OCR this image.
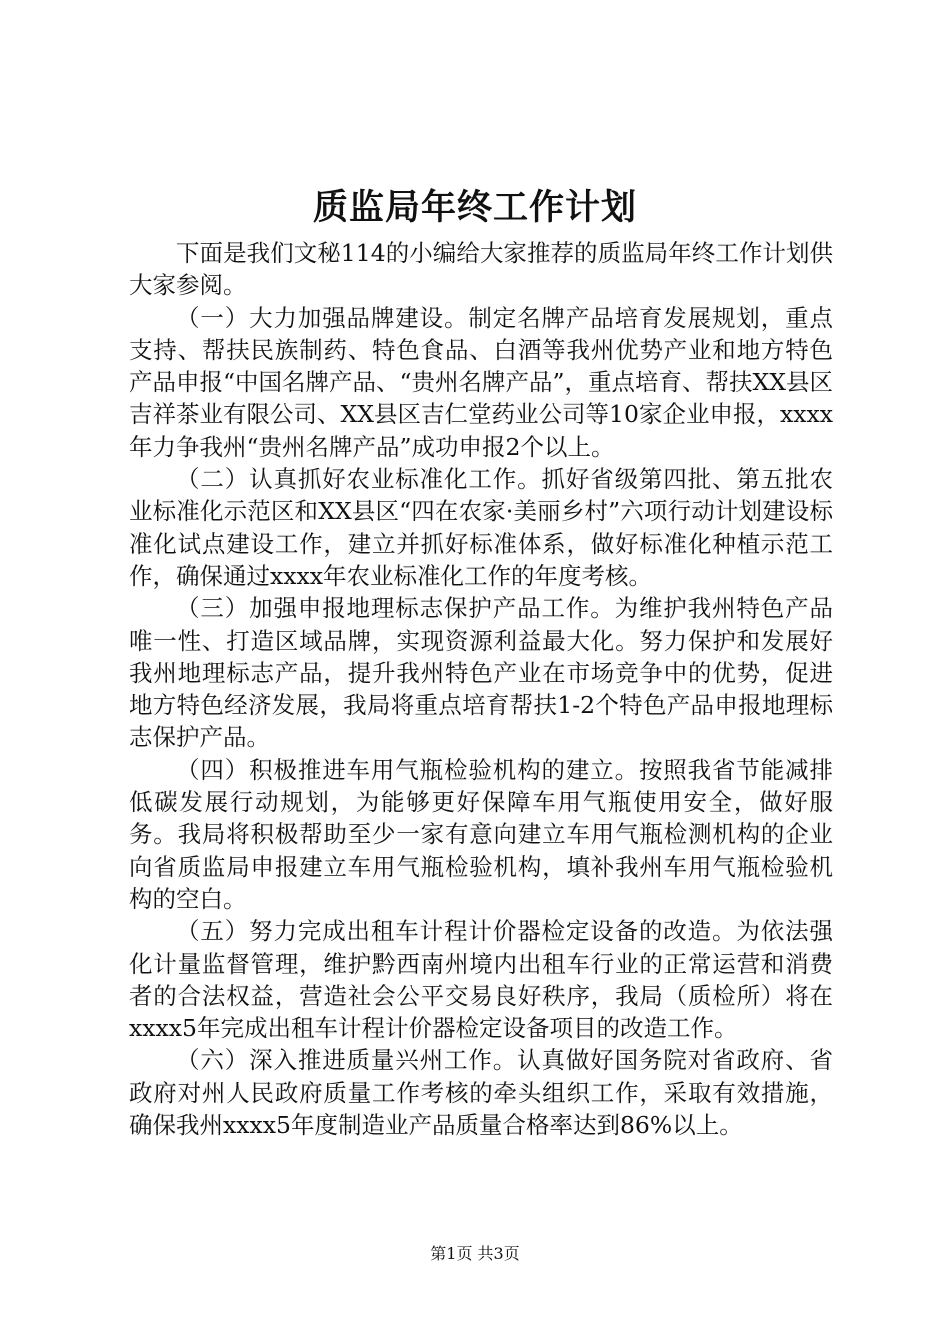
质监局年终工作计划

下面是我们文秘114的小编给大家推荐的质监局年终工作计划供大家参阅。

（一）大力加强品牌建设。制定名牌产品培育发展规划，重点支持、帮扶民族制药、特色食品、白酒等我州优势产业和地方特色产品申报“中国名牌产品、“贵州名牌产品”，重点培育、帮扶XX县区吉祥茶业有限公司、XX县区吉仁堂药业公司等10家企业申报，xxxx年力争我州“贵州名牌产品”成功申报2个以上。

（二）认真抓好农业标准化工作。抓好省级第四批、第五批农业标准化示范区和XX县区“四在农家·美丽乡村”六项行动计划建设标准化试点建设工作，建立并抓好标准体系，做好标准化种植示范工作，确保通过xxxx年农业标准化工作的年度考核。

（三）加强申报地理标志保护产品工作。为维护我州特色产品唯一性、打造区域品牌，实现资源利益最大化。努力保护和发展好我州地理标志产品，提升我州特色产业在市场竞争中的优势，促进地方特色经济发展，我局将重点培育帮扶1-2个特色产品申报地理标志保护产品。

（四）积极推进车用气瓶检验机构的建立。按照我省节能减排低碳发展行动规划，为能够更好保障车用气瓶使用安全，做好服务。我局将积极帮助至少一家有意向建立车用气瓶检测机构的企业向省质监局申报建立车用气瓶检验机构，填补我州车用气瓶检验机构的空白。

（五）努力完成出租车计程计价器检定设备的改造。为依法强化计量监督管理，维护黔西南州境内出租车行业的正常运营和消费者的合法权益，营造社会公平交易良好秩序，我局（质检所）将在xxxx5年完成出租车计程计价器检定设备项目的改造工作。

（六）深入推进质量兴州工作。认真做好国务院对省政府、省政府对州人民政府质量工作考核的牵头组织工作，采取有效措施，确保我州xxxx5年度制造业产品质量合格率达到86%以上。

第1页 共3页
